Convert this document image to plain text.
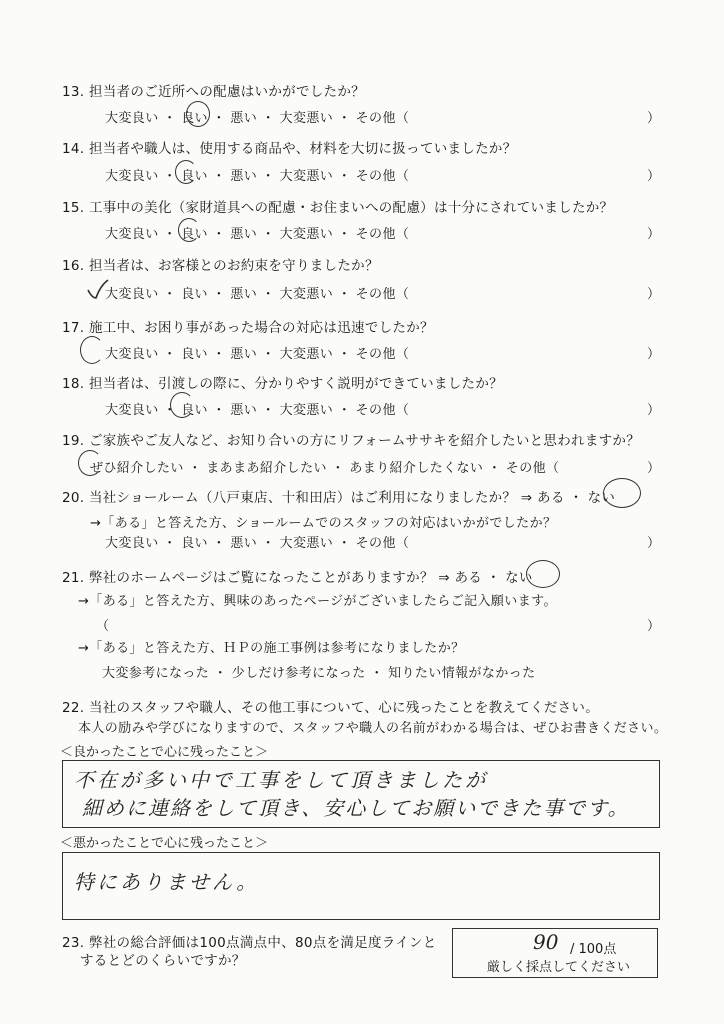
13. 担当者のご近所への配慮はいかがでしたか？
大変良い ・ 良い ・ 悪い ・ 大変悪い ・ その他（	）
14. 担当者や職人は、使用する商品や、材料を大切に扱っていましたか？
大変良い ・ 良い ・ 悪い ・ 大変悪い ・ その他（	）
15. 工事中の美化（家財道具への配慮・お住まいへの配慮）は十分にされていましたか？
大変良い ・ 良い ・ 悪い ・ 大変悪い ・ その他（	）
16. 担当者は、お客様とのお約束を守りましたか？
大変良い ・ 良い ・ 悪い ・ 大変悪い ・ その他（	）
17. 施工中、お困り事があった場合の対応は迅速でしたか？
大変良い ・ 良い ・ 悪い ・ 大変悪い ・ その他（	）
18. 担当者は、引渡しの際に、分かりやすく説明ができていましたか？
大変良い ・ 良い ・ 悪い ・ 大変悪い ・ その他（	）
19. ご家族やご友人など、お知り合いの方にリフォームササキを紹介したいと思われますか？
ぜひ紹介したい ・ まあまあ紹介したい ・ あまり紹介したくない ・ その他（	）
20. 当社ショールーム（八戸東店、十和田店）はご利用になりましたか？ ⇒ ある ・ ない
→「ある」と答えた方、ショールームでのスタッフの対応はいかがでしたか？
大変良い ・ 良い ・ 悪い ・ 大変悪い ・ その他（	）
21. 弊社のホームページはご覧になったことがありますか？ ⇒ ある ・ ない
→「ある」と答えた方、興味のあったページがございましたらご記入願います。
（	）
→「ある」と答えた方、ＨＰの施工事例は参考になりましたか？
大変参考になった ・ 少しだけ参考になった ・ 知りたい情報がなかった
22. 当社のスタッフや職人、その他工事について、心に残ったことを教えてください。
本人の励みや学びになりますので、スタッフや職人の名前がわかる場合は、ぜひお書きください。
＜良かったことで心に残ったこと＞
不在が多い中で工事をして頂きましたが
細めに連絡をして頂き、安心してお願いできた事です。
＜悪かったことで心に残ったこと＞
特にありません。
23. 弊社の総合評価は100点満点中、80点を満足度ラインと
するとどのくらいですか？
90 / 100点
厳しく採点してください
